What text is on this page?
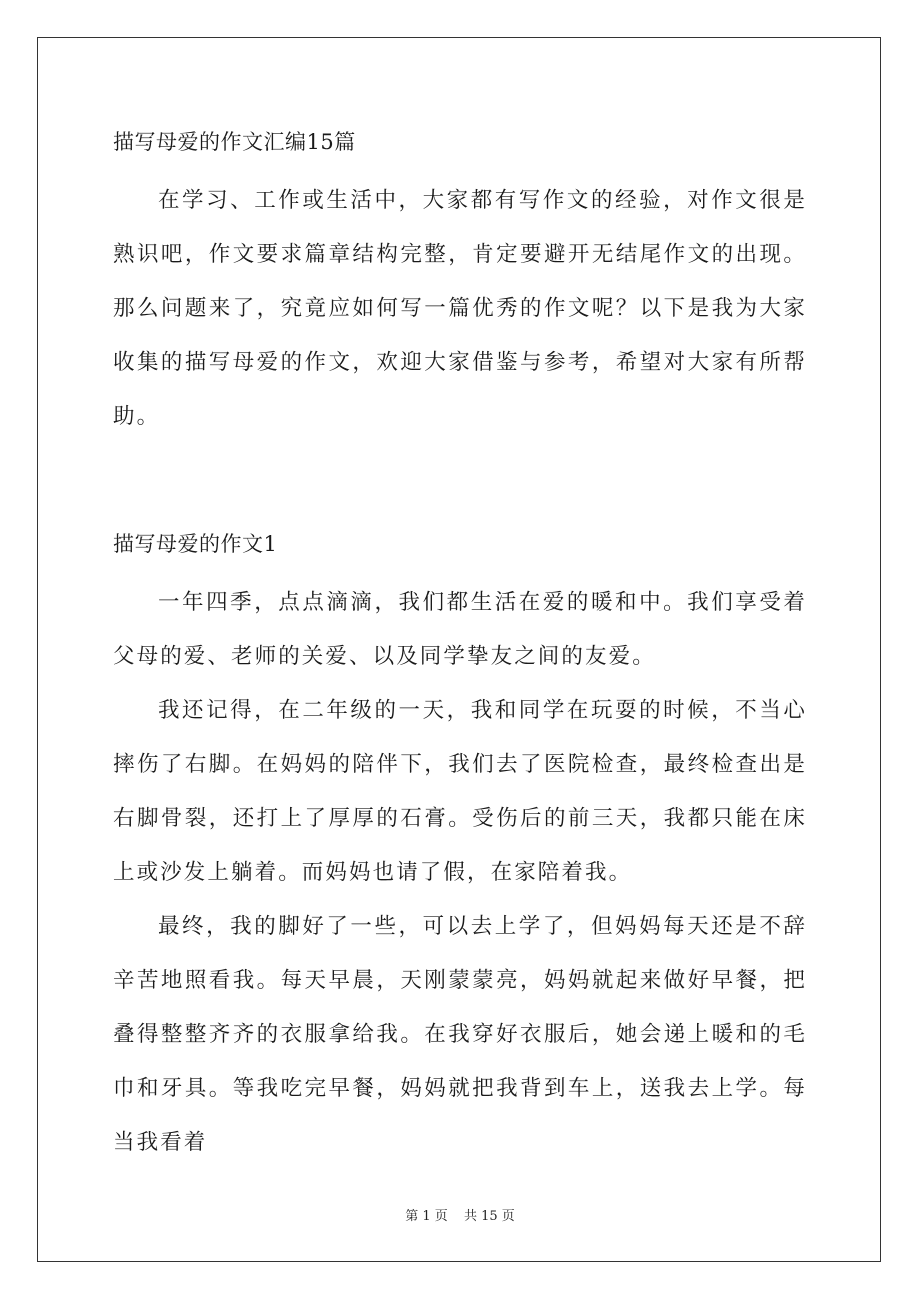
描写母爱的作文汇编15篇

在学习、工作或生活中，大家都有写作文的经验，对作文很是熟识吧，作文要求篇章结构完整，肯定要避开无结尾作文的出现。那么问题来了，究竟应如何写一篇优秀的作文呢？以下是我为大家收集的描写母爱的作文，欢迎大家借鉴与参考，希望对大家有所帮助。

描写母爱的作文1

一年四季，点点滴滴，我们都生活在爱的暖和中。我们享受着父母的爱、老师的关爱、以及同学挚友之间的友爱。

我还记得，在二年级的一天，我和同学在玩耍的时候，不当心摔伤了右脚。在妈妈的陪伴下，我们去了医院检查，最终检查出是右脚骨裂，还打上了厚厚的石膏。受伤后的前三天，我都只能在床上或沙发上躺着。而妈妈也请了假，在家陪着我。

最终，我的脚好了一些，可以去上学了，但妈妈每天还是不辞辛苦地照看我。每天早晨，天刚蒙蒙亮，妈妈就起来做好早餐，把叠得整整齐齐的衣服拿给我。在我穿好衣服后，她会递上暖和的毛巾和牙具。等我吃完早餐，妈妈就把我背到车上，送我去上学。每当我看着

第 1 页 共 15 页
